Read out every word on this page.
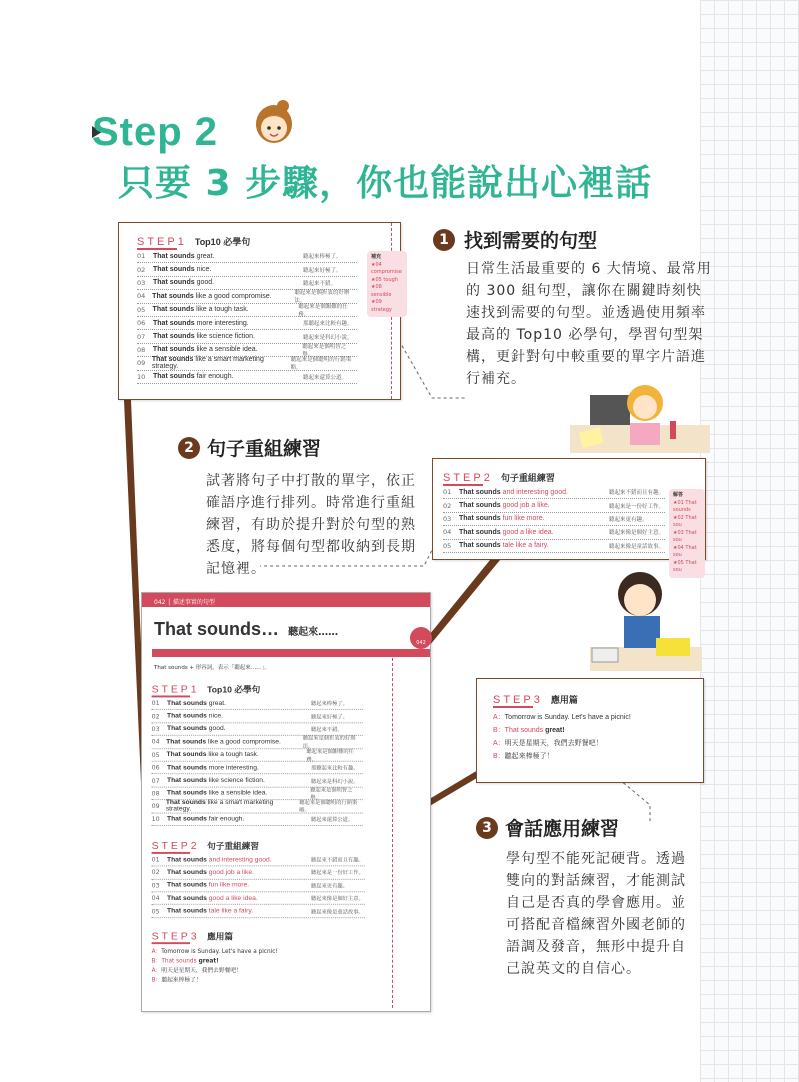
Step 2
只要 3 步驟，你也能說出心裡話
STEP1 Top10 必學句
01	That sounds great.	聽起來棒極了。
02	That sounds nice.	聽起來好極了。
03	That sounds good.	聽起來不錯。
04 That sounds like a good compromise.	聽起來是個折衷的好辦法。
05	That sounds like a tough task.	聽起來是個艱難的任務。
06	That sounds more interesting.	那聽起來比較有趣。
07	That sounds like science fiction.	聽起來是科幻小說。
08	That sounds like a sensible idea.	聽起來是個明智之舉。
09 That sounds like a smart marketing strategy.
聽起來是個聰明的行銷策略。
10	That sounds fair enough.	聽起來還算公道。
補充
★04 compromise
★05 tough
★08 sensible
★09 strategy
1 找到需要的句型
日常生活最重要的 6 大情境、最常用
的 300 組句型，讓你在關鍵時刻快
速找到需要的句型。並透過使用頻率
最高的 Top10 必學句，學習句型架
構，更針對句中較重要的單字片語進
行補充。
2 句子重組練習
試著將句子中打散的單字，依正
確語序進行排列。時常進行重組
練習，有助於提升對於句型的熟
悉度，將每個句型都收納到長期
記憶裡。
STEP2 句子重組練習
01	That sounds and interesting good.	聽起來不錯而且有趣。
02	That sounds good job a like.	聽起來是一份好工作。
03	That sounds fun like more.	聽起來更有趣。
04	That sounds good a like idea.	聽起來像是個好主意。
05	That sounds tale like a fairy.	聽起來像是童話故事。
解答
★01 That sounds
★02 That sou
★03 That sou
★04 That sou
★05 That sou
042 │ 描述事實的句型
That sounds… 聽起來……
042
That sounds + 形容詞，表示「聽起來……」。
STEP1 Top10 必學句
01	That sounds great.	聽起來棒極了。
02	That sounds nice.	聽起來好極了。
03	That sounds good.	聽起來不錯。
04 That sounds like a good compromise.	聽起來是個折衷的好辦法。
05 That sounds like a tough task.	聽起來是個艱難的任務。
06	That sounds more interesting.	那聽起來比較有趣。
07	That sounds like science fiction.	聽起來是科幻小說。
08	That sounds like a sensible idea.	聽起來是個明智之舉。
09 That sounds like a smart marketing strategy.
聽起來是個聰明的行銷策略。
10	That sounds fair enough.	聽起來還算公道。
STEP2 句子重組練習
01	That sounds and interesting good.	聽起來不錯而且有趣。
02	That sounds good job a like.	聽起來是一份好工作。
03	That sounds fun like more.	聽起來更有趣。
04	That sounds good a like idea.	聽起來像是個好主意。
05	That sounds tale like a fairy.	聽起來像是童話故事。
STEP3 應用篇
A：Tomorrow is Sunday. Let's have a picnic!
B：That sounds great!
A：明天是星期天，我們去野餐吧！
B：聽起來棒極了！
STEP3 應用篇
A：Tomorrow is Sunday. Let's have a picnic!
B：That sounds great!
A：明天是星期天，我們去野餐吧！
B：聽起來棒極了！
3 會話應用練習
學句型不能死記硬背。透過
雙向的對話練習，才能測試
自己是否真的學會應用。並
可搭配音檔練習外國老師的
語調及發音，無形中提升自
己說英文的自信心。
